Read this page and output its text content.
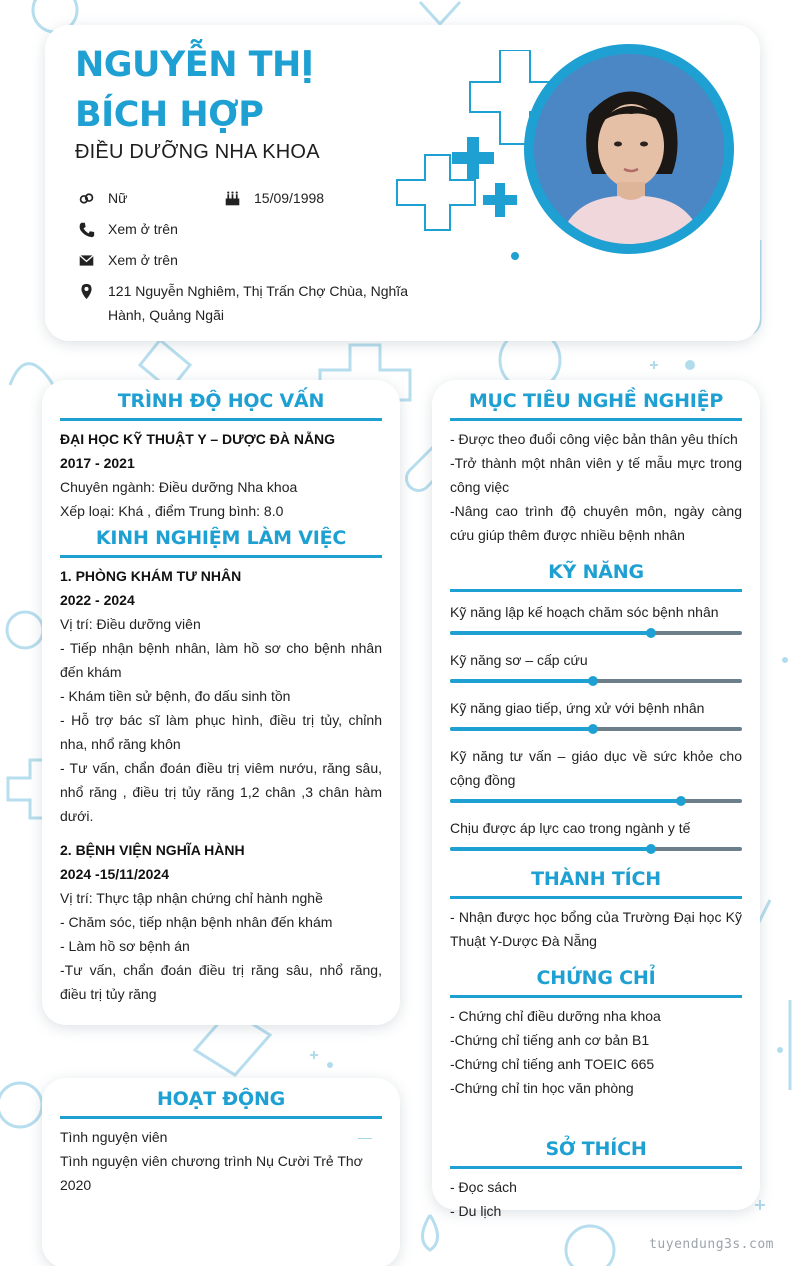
NGUYỄN THỊ BÍCH HỢP
ĐIỀU DƯỠNG NHA KHOA
Nữ	15/09/1998
Xem ở trên
Xem ở trên
121 Nguyễn Nghiêm, Thị Trấn Chợ Chùa, Nghĩa Hành, Quảng Ngãi
TRÌNH ĐỘ HỌC VẤN
ĐẠI HỌC KỸ THUẬT Y – DƯỢC ĐÀ NẴNG
2017 - 2021
Chuyên ngành: Điều dưỡng Nha khoa
Xếp loại: Khá , điểm Trung bình: 8.0
KINH NGHIỆM LÀM VIỆC
1. PHÒNG KHÁM TƯ NHÂN
2022 - 2024
Vị trí: Điều dưỡng viên
- Tiếp nhận bệnh nhân, làm hồ sơ cho bệnh nhân đến khám
- Khám tiền sử bệnh, đo dấu sinh tồn
- Hỗ trợ bác sĩ làm phục hình, điều trị tủy, chỉnh nha, nhổ răng khôn
- Tư vấn, chẩn đoán điều trị viêm nướu, răng sâu, nhổ răng , điều trị tủy răng 1,2 chân ,3 chân hàm dưới.
2. BỆNH VIỆN NGHĨA HÀNH
2024 -15/11/2024
Vị trí: Thực tập nhận chứng chỉ hành nghề
- Chăm sóc, tiếp nhận bệnh nhân đến khám
- Làm hồ sơ bệnh án
-Tư vấn, chẩn đoán điều trị răng sâu, nhổ răng, điều trị tủy răng
HOẠT ĐỘNG
Tình nguyện viên	—
Tình nguyện viên chương trình Nụ Cười Trẻ Thơ
2020
MỤC TIÊU NGHỀ NGHIỆP
- Được theo đuổi công việc bản thân yêu thích
-Trở thành một nhân viên y tế mẫu mực trong công việc
-Nâng cao trình độ chuyên môn, ngày càng cứu giúp thêm được nhiều bệnh nhân
KỸ NĂNG
Kỹ năng lập kế hoạch chăm sóc bệnh nhân
Kỹ năng sơ – cấp cứu
Kỹ năng giao tiếp, ứng xử với bệnh nhân
Kỹ năng tư vấn – giáo dục về sức khỏe cho cộng đồng
Chịu được áp lực cao trong ngành y tế
THÀNH TÍCH
- Nhận được học bổng của Trường Đại học Kỹ Thuật Y-Dược Đà Nẵng
CHỨNG CHỈ
- Chứng chỉ điều dưỡng nha khoa
-Chứng chỉ tiếng anh cơ bản B1
-Chứng chỉ tiếng anh TOEIC 665
-Chứng chỉ tin học văn phòng
SỞ THÍCH
- Đọc sách
- Du lịch
tuyendung3s.com
